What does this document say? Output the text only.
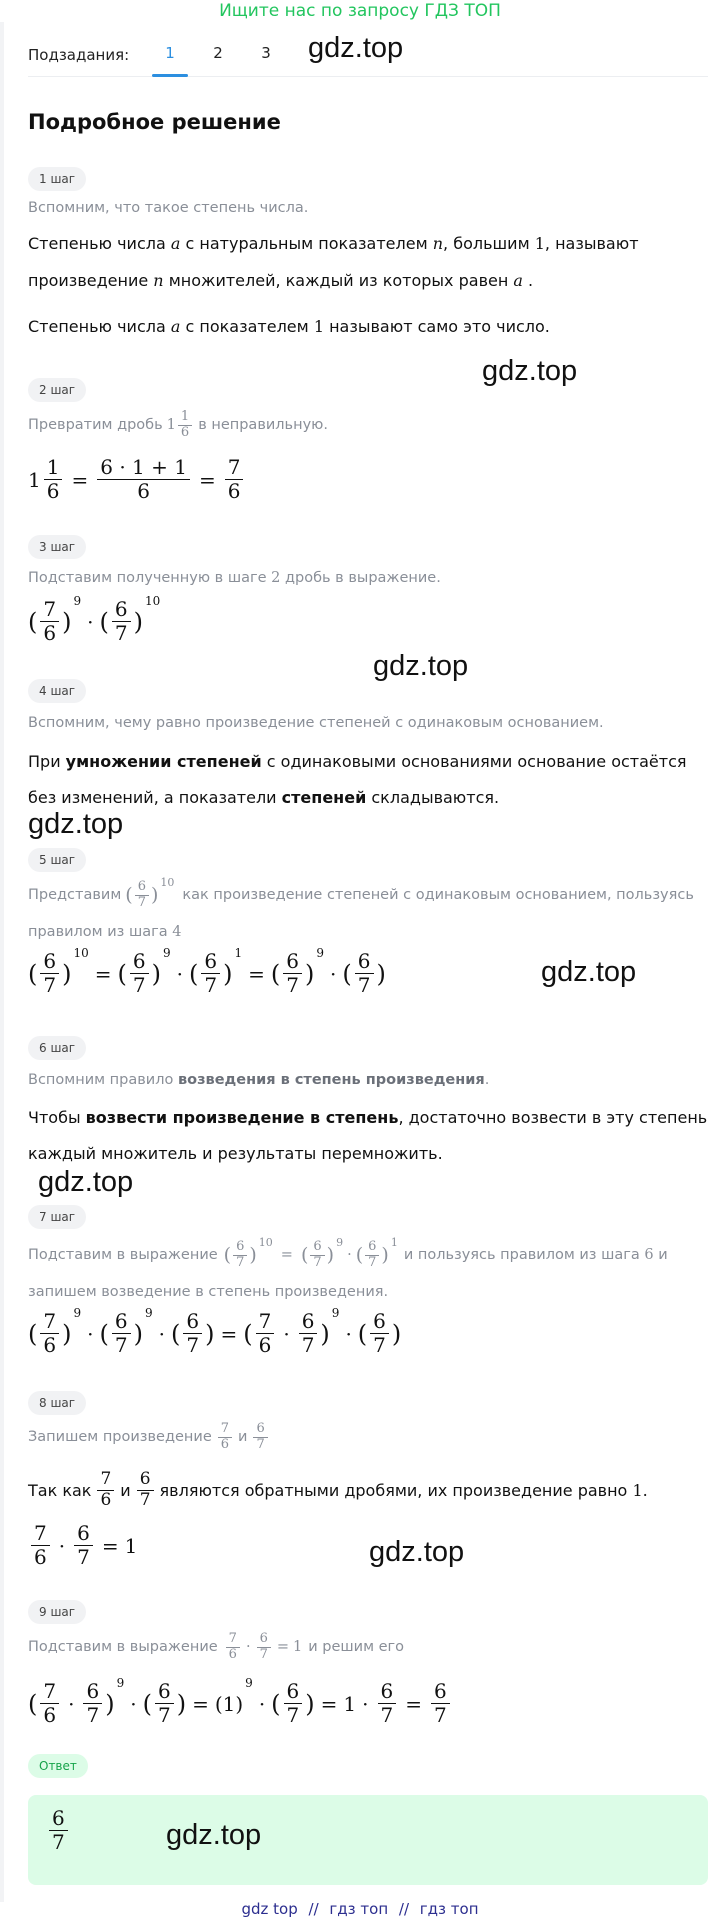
Ищите нас по запросу ГДЗ ТОП
Подзадания:	1	2	3	gdz.top
Подробное решение
1 шаг
Вспомним, что такое степень числа.
Степенью числа a с натуральным показателем n, большим 1, называют
произведение n множителей, каждый из которых равен a .
Степенью числа a с показателем 1 называют само это число.
gdz.top
2 шаг
Превратим дробь $1 \frac{1}{6}$ в неправильную.
$1 \frac{1}{6} = \frac{6 \cdot 1 + 1}{6} = \frac{7}{6}$
3 шаг
Подставим полученную в шаге 2 дробь в выражение.
( $\frac{7}{6}$ )
9
· ( $\frac{6}{7}$ )
10
gdz.top
4 шаг
Вспомним, чему равно произведение степеней с одинаковым основанием.
При умножении степеней с одинаковыми основаниями основание остаётся
без изменений, а показатели степеней складываются.
gdz.top
5 шаг
Представим ( $\frac{6}{7}$ )
10
как произведение степеней с одинаковым основанием, пользуясь
правилом из шага 4
( $\frac{6}{7}$ )
10
= ( $\frac{6}{7}$ )
9
· ( $\frac{6}{7}$ )
1
= ( $\frac{6}{7}$ )
9
· ( $\frac{6}{7}$ )	gdz.top
6 шаг
Вспомним правило возведения в степень произведения.
Чтобы возвести произведение в степень, достаточно возвести в эту степень
каждый множитель и результаты перемножить.
gdz.top
7 шаг
Подставим в выражение ( $\frac{6}{7}$ )
10
= ( $\frac{6}{7}$ )
9
· ( $\frac{6}{7}$ )
1
и пользуясь правилом из шага
6 и
запишем возведение в степень произведения.
( $\frac{7}{6}$ )
9
· ( $\frac{6}{7}$ )
9
· ( $\frac{6}{7}$ ) = ( $\frac{7}{6} \cdot \frac{6}{7}$ )
9
· ( $\frac{6}{7}$ )
8 шаг
Запишем произведение $\frac{7}{6}$ и $\frac{6}{7}$
Так как $\frac{7}{6}$ и $\frac{6}{7}$ являются обратными дробями, их произведение равно
1.
$\frac{7}{6} \cdot \frac{6}{7} = 1$	gdz.top
9 шаг
Подставим в выражение $\frac{7}{6} \cdot \frac{6}{7} = 1$ и решим его
( $\frac{7}{6} \cdot \frac{6}{7}$ )
9
· ( $\frac{6}{7}$ ) = (1)
9
· ( $\frac{6}{7}$ ) = $1 \cdot \frac{6}{7} = \frac{6}{7}$
Ответ
$\frac{6}{7}$	gdz.top
gdz top // гдз топ // гдз топ
